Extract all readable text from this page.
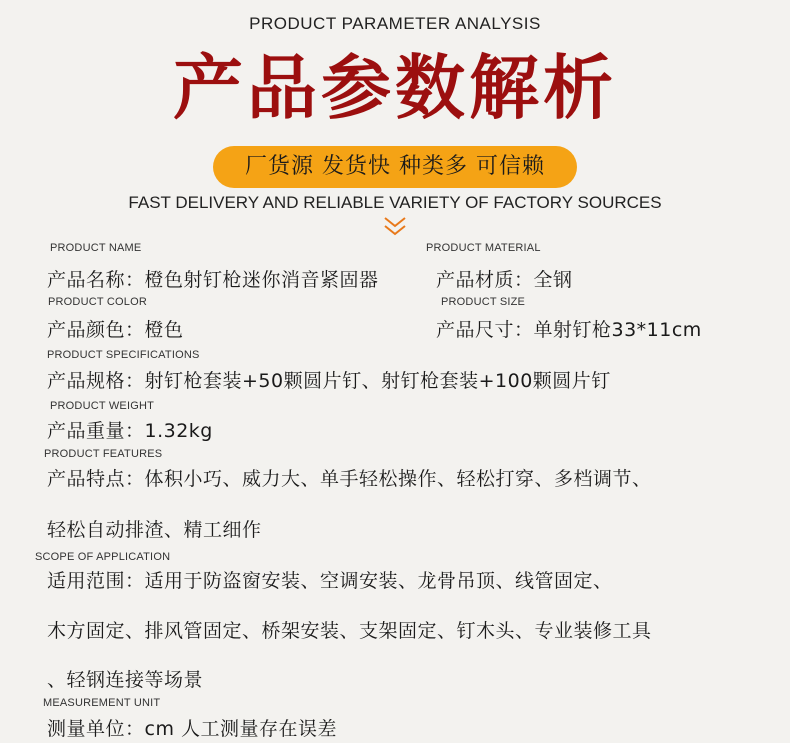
PRODUCT PARAMETER ANALYSIS
产品参数解析
厂货源 发货快 种类多 可信赖
FAST DELIVERY AND RELIABLE VARIETY OF FACTORY SOURCES
PRODUCT NAME
产品名称：橙色射钉枪迷你消音紧固器
PRODUCT MATERIAL
产品材质：全钢
PRODUCT COLOR
产品颜色：橙色
PRODUCT SIZE
产品尺寸：单射钉枪33*11cm
PRODUCT SPECIFICATIONS
产品规格：射钉枪套装+50颗圆片钉、射钉枪套装+100颗圆片钉
PRODUCT WEIGHT
产品重量：1.32kg
PRODUCT FEATURES
产品特点：体积小巧、威力大、单手轻松操作、轻松打穿、多档调节、
轻松自动排渣、精工细作
SCOPE OF APPLICATION
适用范围：适用于防盗窗安装、空调安装、龙骨吊顶、线管固定、
木方固定、排风管固定、桥架安装、支架固定、钉木头、专业装修工具
、轻钢连接等场景
MEASUREMENT UNIT
测量单位：cm 人工测量存在误差
